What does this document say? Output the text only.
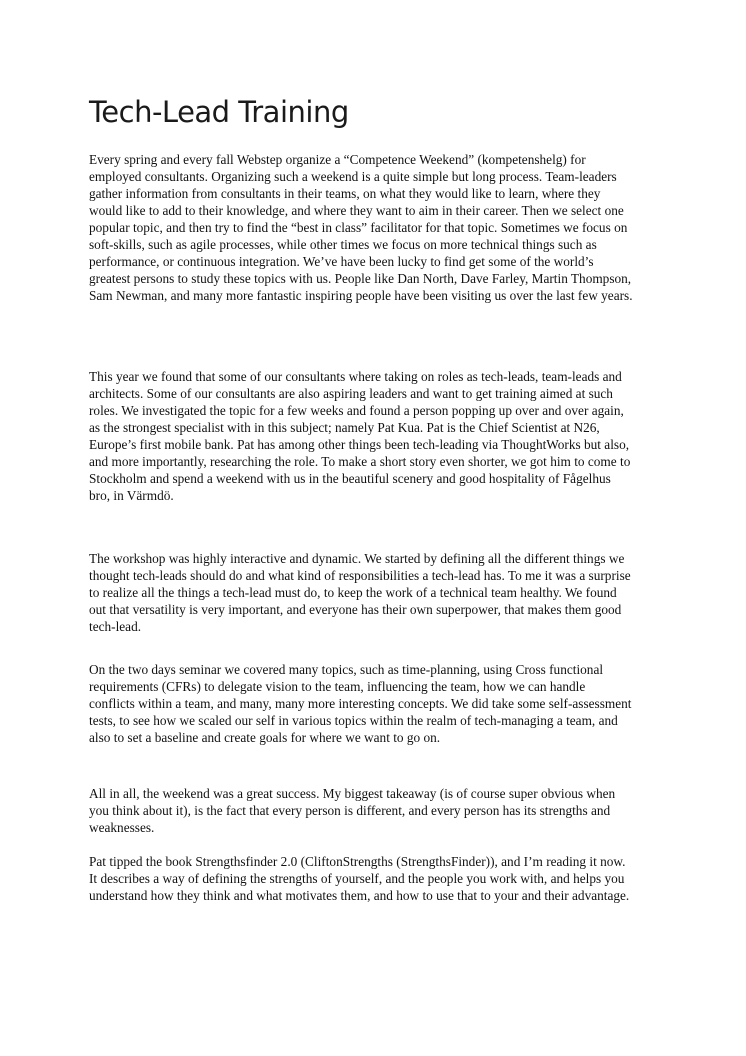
Tech-Lead Training

Every spring and every fall Webstep organize a “Competence Weekend” (kompetenshelg) for employed consultants. Organizing such a weekend is a quite simple but long process. Team-leaders gather information from consultants in their teams, on what they would like to learn, where they would like to add to their knowledge, and where they want to aim in their career. Then we select one popular topic, and then try to find the “best in class” facilitator for that topic. Sometimes we focus on soft-skills, such as agile processes, while other times we focus on more technical things such as performance, or continuous integration. We’ve have been lucky to find get some of the world’s greatest persons to study these topics with us. People like Dan North, Dave Farley, Martin Thompson, Sam Newman, and many more fantastic inspiring people have been visiting us over the last few years.

This year we found that some of our consultants where taking on roles as tech-leads, team-leads and architects. Some of our consultants are also aspiring leaders and want to get training aimed at such roles. We investigated the topic for a few weeks and found a person popping up over and over again, as the strongest specialist with in this subject; namely Pat Kua. Pat is the Chief Scientist at N26, Europe’s first mobile bank. Pat has among other things been tech-leading via ThoughtWorks but also, and more importantly, researching the role. To make a short story even shorter, we got him to come to Stockholm and spend a weekend with us in the beautiful scenery and good hospitality of Fågelhus bro, in Värmdö.

The workshop was highly interactive and dynamic. We started by defining all the different things we thought tech-leads should do and what kind of responsibilities a tech-lead has. To me it was a surprise to realize all the things a tech-lead must do, to keep the work of a technical team healthy. We found out that versatility is very important, and everyone has their own superpower, that makes them good tech-lead.

On the two days seminar we covered many topics, such as time-planning, using Cross functional requirements (CFRs) to delegate vision to the team, influencing the team, how we can handle conflicts within a team, and many, many more interesting concepts. We did take some self-assessment tests, to see how we scaled our self in various topics within the realm of tech-managing a team, and also to set a baseline and create goals for where we want to go on.

All in all, the weekend was a great success. My biggest takeaway (is of course super obvious when you think about it), is the fact that every person is different, and every person has its strengths and weaknesses.

Pat tipped the book Strengthsfinder 2.0 (CliftonStrengths (StrengthsFinder)), and I’m reading it now. It describes a way of defining the strengths of yourself, and the people you work with, and helps you understand how they think and what motivates them, and how to use that to your and their advantage.
